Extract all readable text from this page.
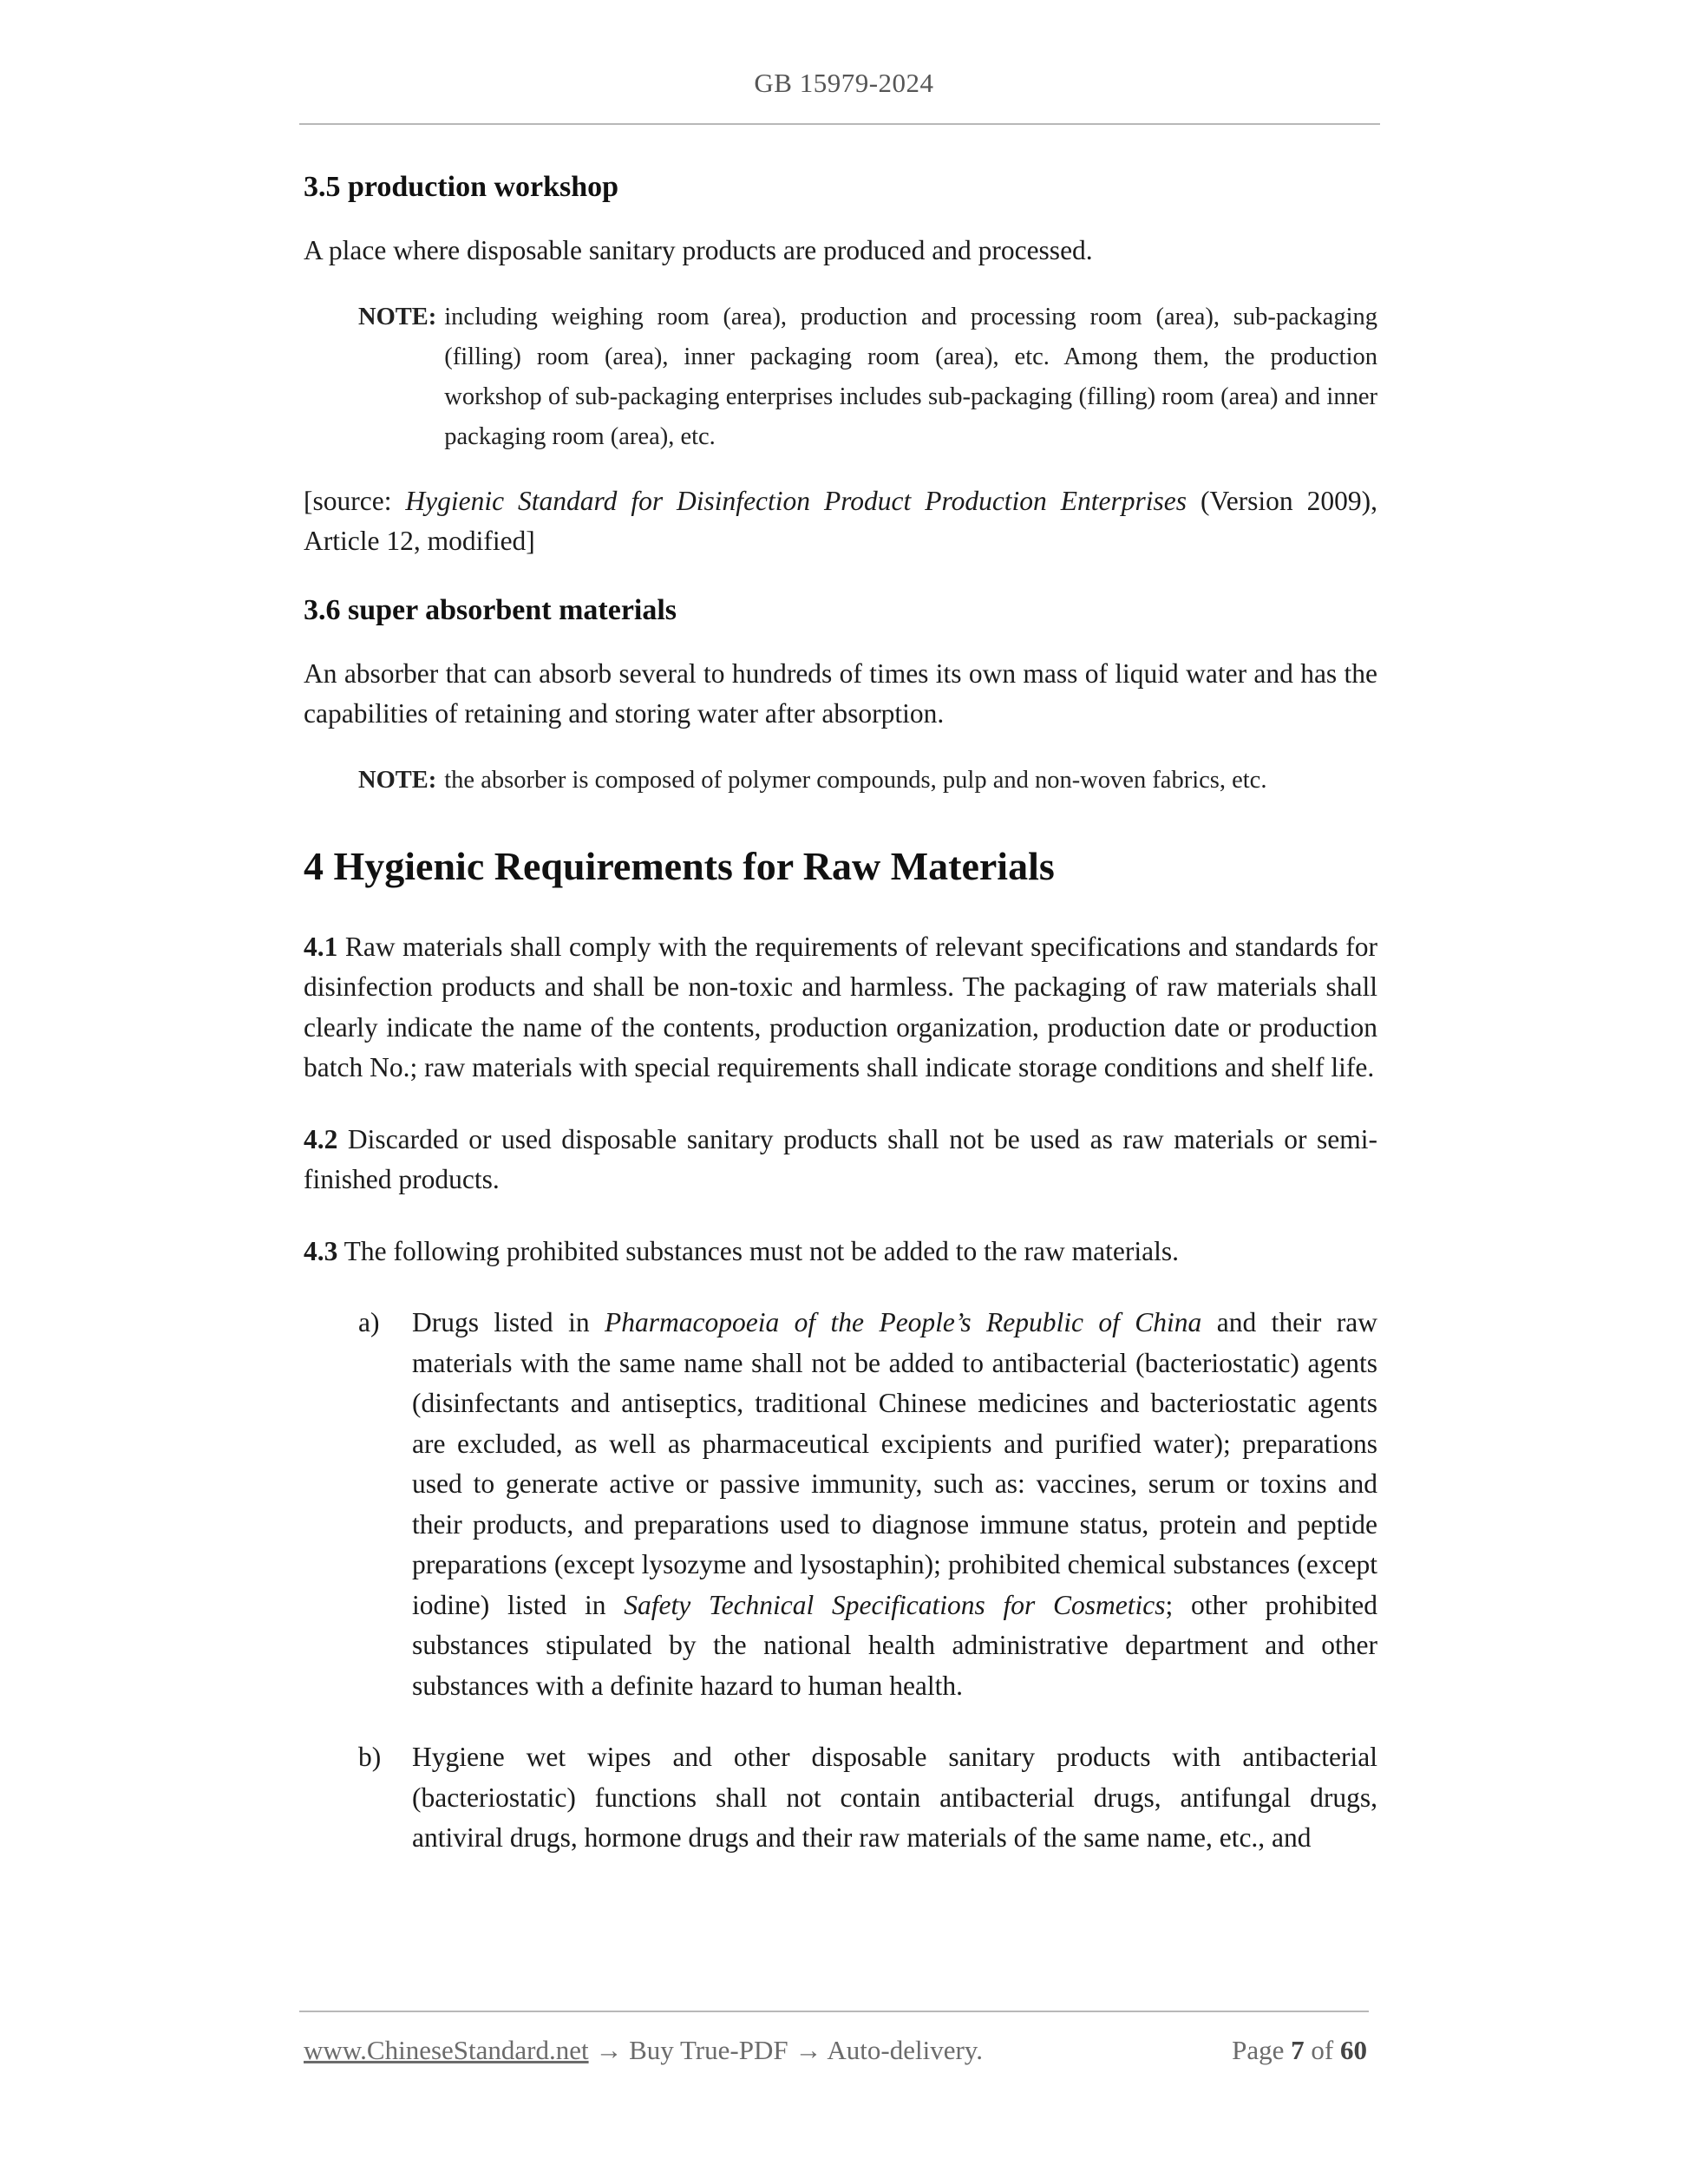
GB 15979-2024
3.5 production workshop

A place where disposable sanitary products are produced and processed.

NOTE: including weighing room (area), production and processing room (area), sub-packaging (filling) room (area), inner packaging room (area), etc. Among them, the production workshop of sub-packaging enterprises includes sub-packaging (filling) room (area) and inner packaging room (area), etc.

[source: Hygienic Standard for Disinfection Product Production Enterprises (Version 2009), Article 12, modified]

3.6 super absorbent materials

An absorber that can absorb several to hundreds of times its own mass of liquid water and has the capabilities of retaining and storing water after absorption.

NOTE: the absorber is composed of polymer compounds, pulp and non-woven fabrics, etc.
4 Hygienic Requirements for Raw Materials

4.1 Raw materials shall comply with the requirements of relevant specifications and standards for disinfection products and shall be non-toxic and harmless. The packaging of raw materials shall clearly indicate the name of the contents, production organization, production date or production batch No.; raw materials with special requirements shall indicate storage conditions and shelf life.

4.2 Discarded or used disposable sanitary products shall not be used as raw materials or semi-finished products.

4.3 The following prohibited substances must not be added to the raw materials.

a)	Drugs listed in Pharmacopoeia of the People’s Republic of China and their raw materials with the same name shall not be added to antibacterial (bacteriostatic) agents (disinfectants and antiseptics, traditional Chinese medicines and bacteriostatic agents are excluded, as well as pharmaceutical excipients and purified water); preparations used to generate active or passive immunity, such as: vaccines, serum or toxins and their products, and preparations used to diagnose immune status, protein and peptide preparations (except lysozyme and lysostaphin); prohibited chemical substances (except iodine) listed in Safety Technical Specifications for Cosmetics; other prohibited substances stipulated by the national health administrative department and other substances with a definite hazard to human health.
b)	Hygiene wet wipes and other disposable sanitary products with antibacterial (bacteriostatic) functions shall not contain antibacterial drugs, antifungal drugs, antiviral drugs, hormone drugs and their raw materials of the same name, etc., and
www.ChineseStandard.net → Buy True-PDF → Auto-delivery.	Page 7 of 60
